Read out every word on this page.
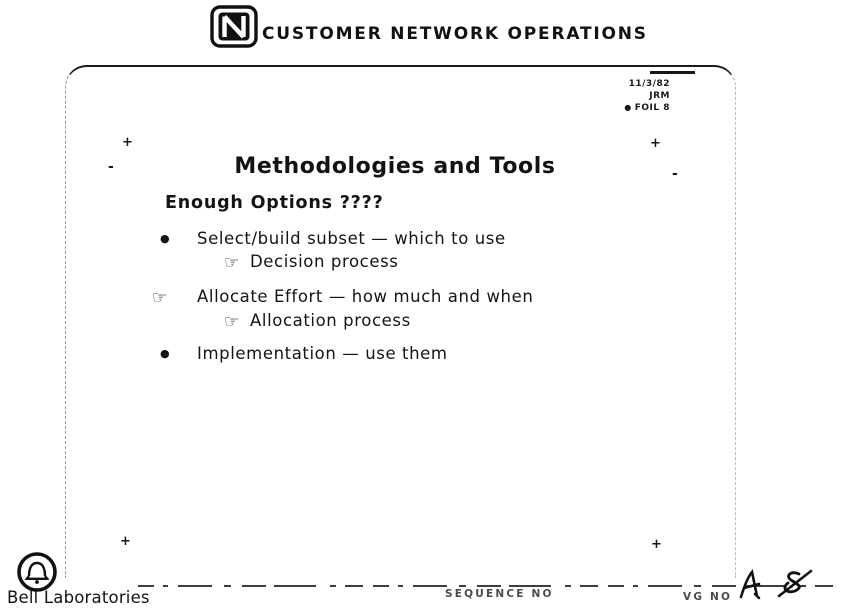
CUSTOMER NETWORK OPERATIONS
11/3/82
JRM
● FOIL 8
+
-
+
-
+	+
Methodologies and Tools
Enough Options ????
● Select/build subset — which to use
☞ Decision process
☞ Allocate Effort — how much and when
☞ Allocation process
● Implementation — use them
Bell Laboratories	SEQUENCE NO	VG NO
